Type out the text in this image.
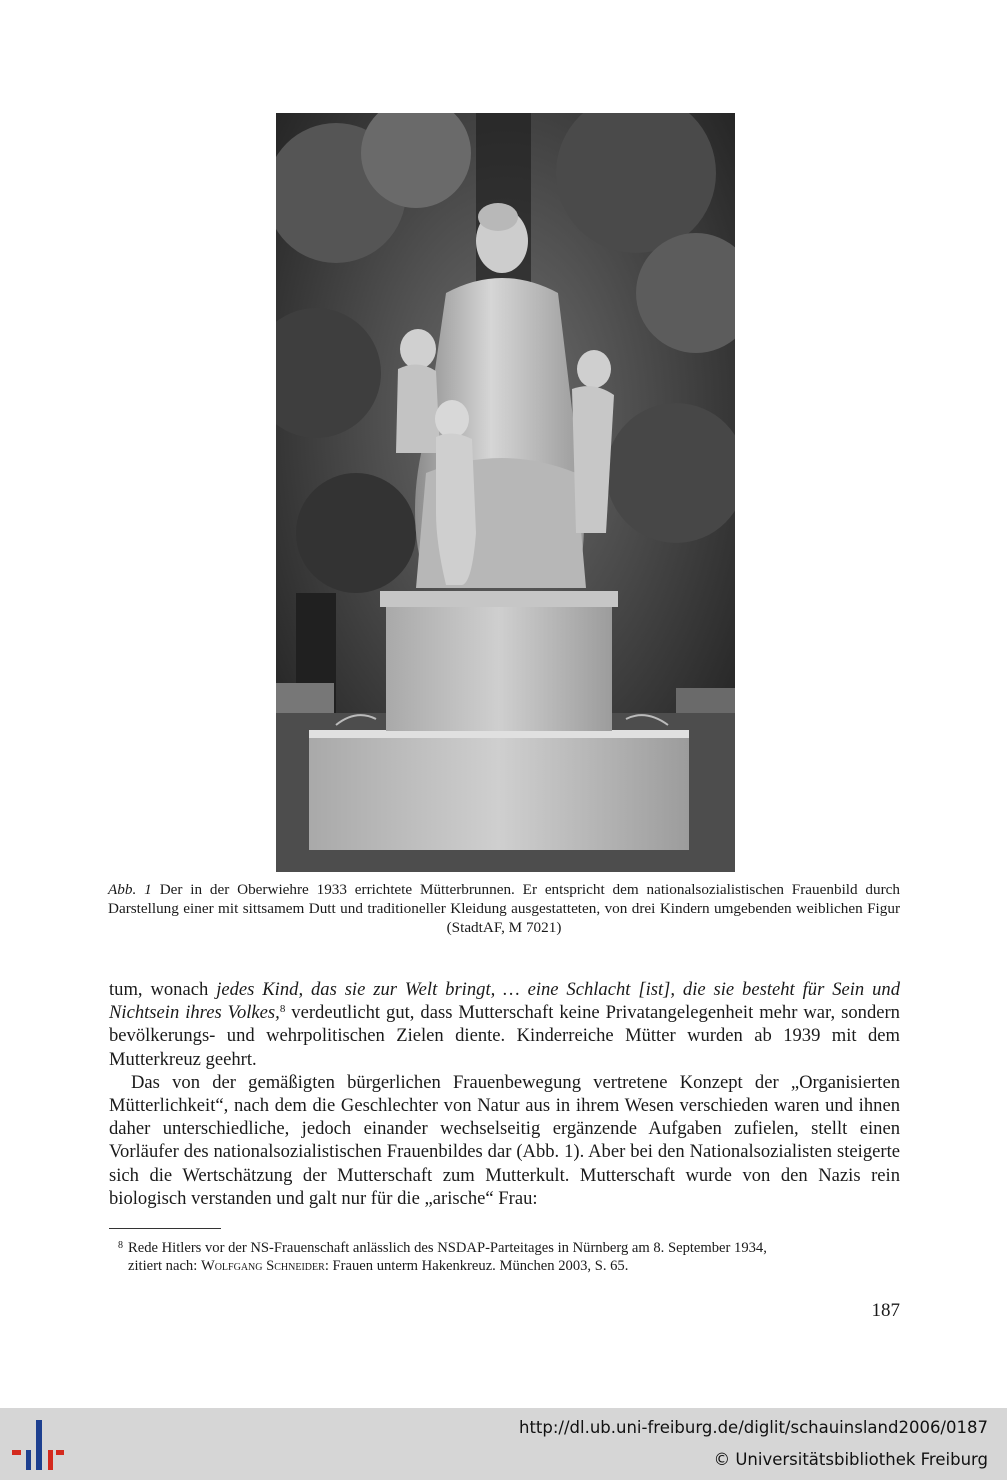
Abb. 1 Der in der Oberwiehre 1933 errichtete Mütterbrunnen. Er entspricht dem nationalsozialistischen Frauenbild durch Darstellung einer mit sittsamem Dutt und traditioneller Kleidung ausgestatteten, von drei Kindern umgebenden weiblichen Figur (StadtAF, M 7021)

tum, wonach jedes Kind, das sie zur Welt bringt, … eine Schlacht [ist], die sie besteht für Sein und Nichtsein ihres Volkes,$^8$ verdeutlicht gut, dass Mutterschaft keine Privatangelegenheit mehr war, sondern bevölkerungs- und wehrpolitischen Zielen diente. Kinderreiche Mütter wurden ab 1939 mit dem Mutterkreuz geehrt.

Das von der gemäßigten bürgerlichen Frauenbewegung vertretene Konzept der „Organisierten Mütterlichkeit“, nach dem die Geschlechter von Natur aus in ihrem Wesen verschieden waren und ihnen daher unterschiedliche, jedoch einander wechselseitig ergänzende Aufgaben zufielen, stellt einen Vorläufer des nationalsozialistischen Frauenbildes dar (Abb. 1). Aber bei den Nationalsozialisten steigerte sich die Wertschätzung der Mutterschaft zum Mutterkult. Mutterschaft wurde von den Nazis rein biologisch verstanden und galt nur für die „arische“ Frau:

$^8$ Rede Hitlers vor der NS-Frauenschaft anlässlich des NSDAP-Parteitages in Nürnberg am 8. September 1934,
zitiert nach: Wolfgang Schneider: Frauen unterm Hakenkreuz. München 2003, S. 65.
187
http://dl.ub.uni-freiburg.de/diglit/schauinsland2006/0187
© Universitätsbibliothek Freiburg
